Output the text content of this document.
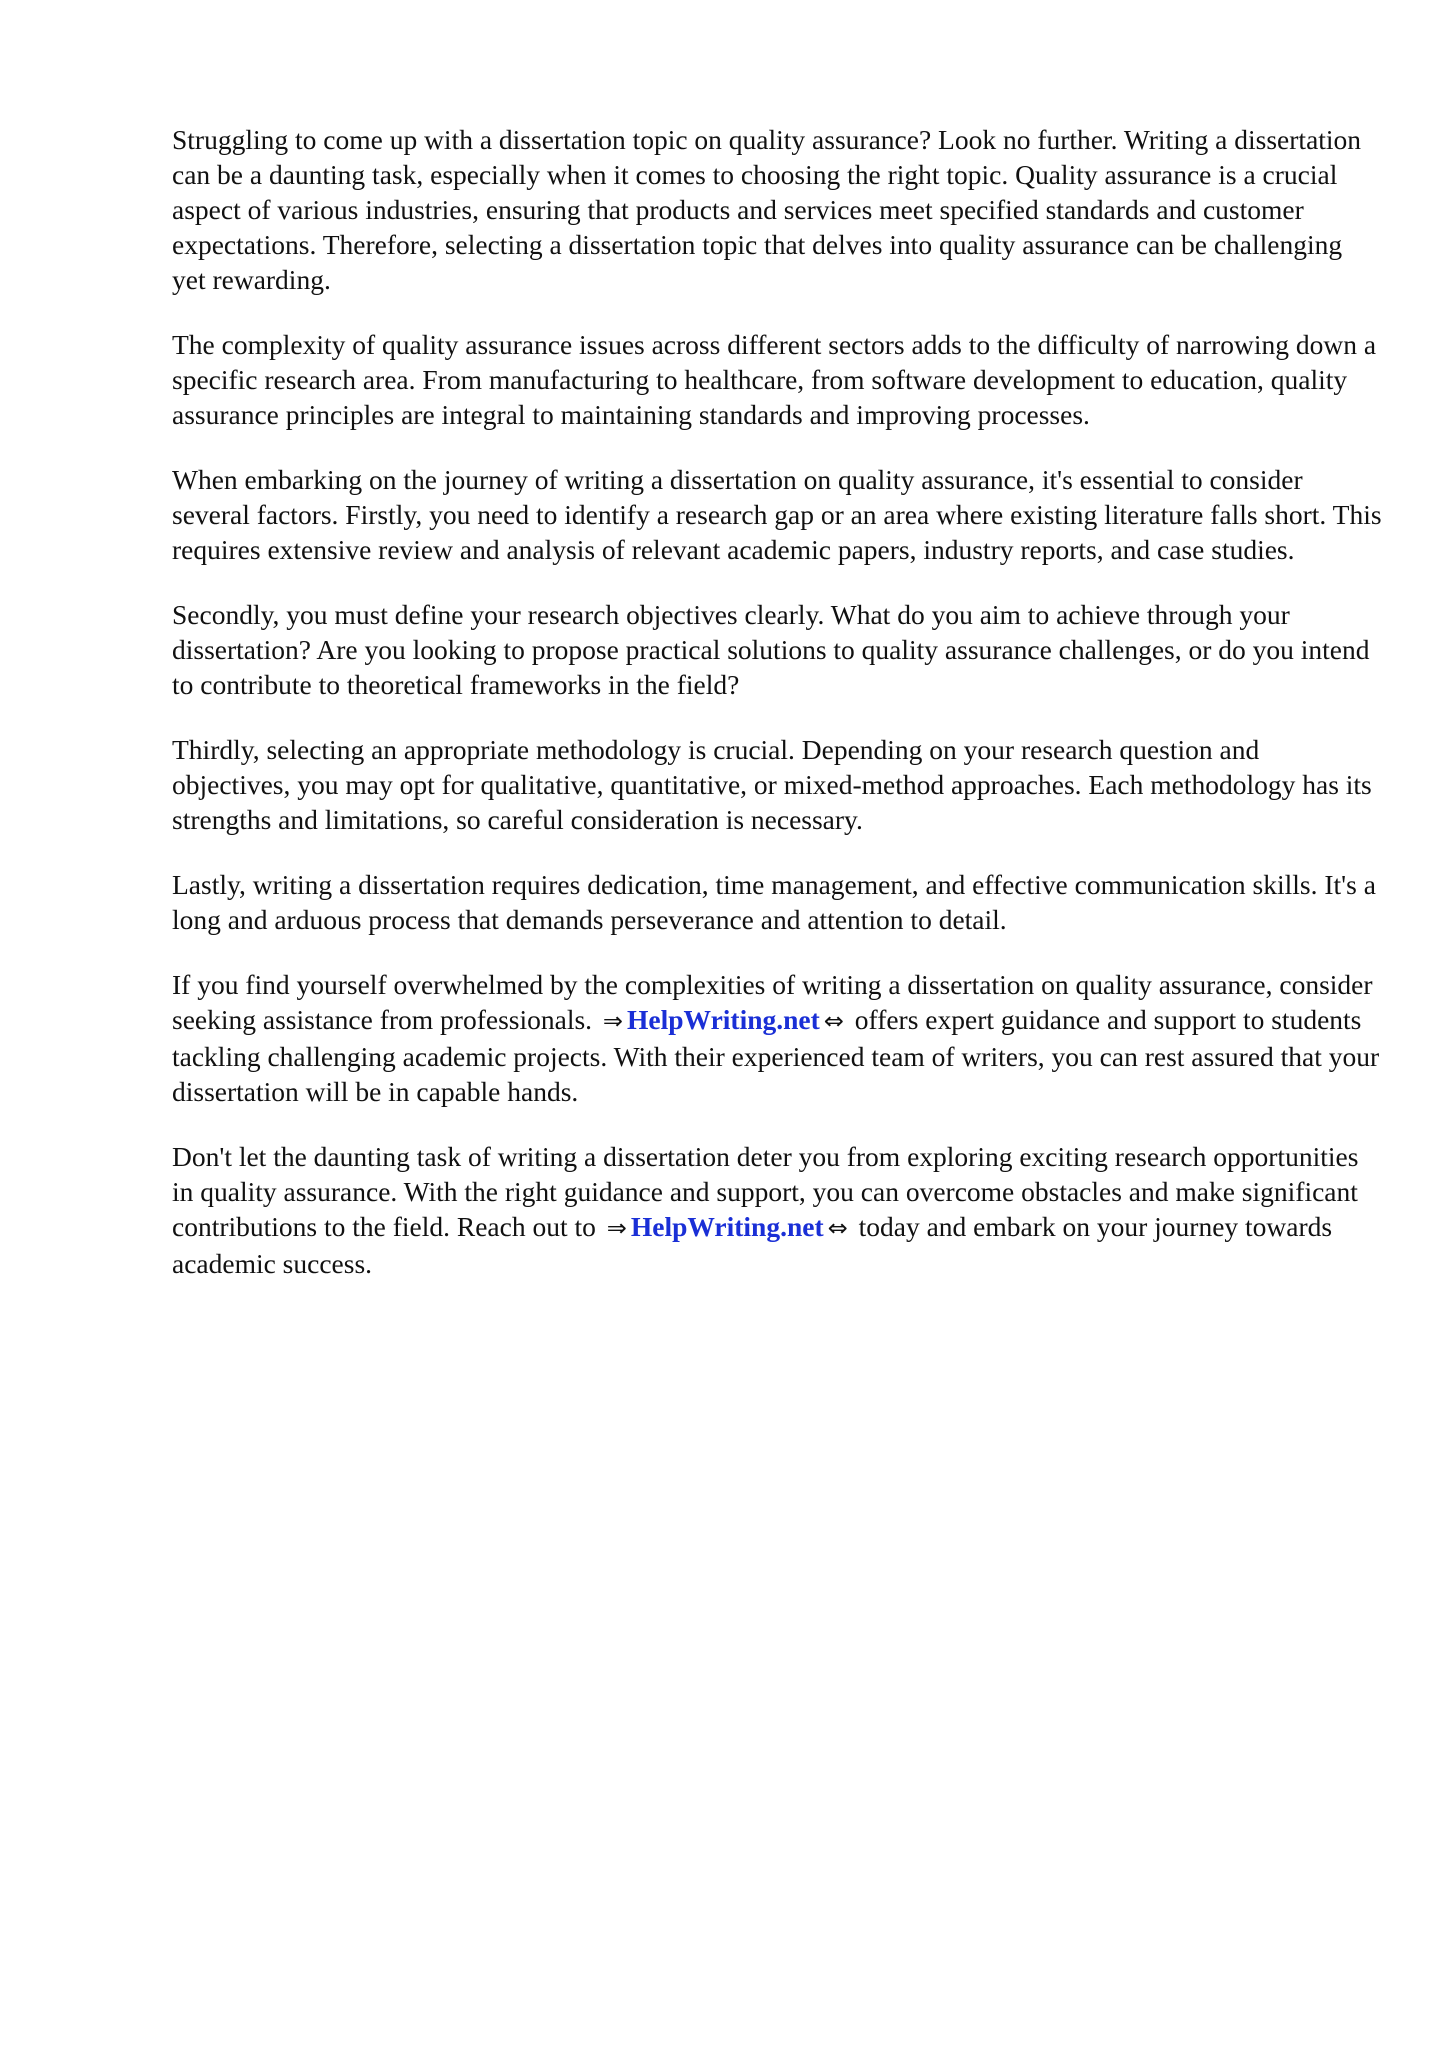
Struggling to come up with a dissertation topic on quality assurance? Look no further. Writing a dissertation can be a daunting task, especially when it comes to choosing the right topic. Quality assurance is a crucial aspect of various industries, ensuring that products and services meet specified standards and customer expectations. Therefore, selecting a dissertation topic that delves into quality assurance can be challenging yet rewarding.

The complexity of quality assurance issues across different sectors adds to the difficulty of narrowing down a specific research area. From manufacturing to healthcare, from software development to education, quality assurance principles are integral to maintaining standards and improving processes.

When embarking on the journey of writing a dissertation on quality assurance, it's essential to consider several factors. Firstly, you need to identify a research gap or an area where existing literature falls short. This requires extensive review and analysis of relevant academic papers, industry reports, and case studies.

Secondly, you must define your research objectives clearly. What do you aim to achieve through your dissertation? Are you looking to propose practical solutions to quality assurance challenges, or do you intend to contribute to theoretical frameworks in the field?

Thirdly, selecting an appropriate methodology is crucial. Depending on your research question and objectives, you may opt for qualitative, quantitative, or mixed-method approaches. Each methodology has its strengths and limitations, so careful consideration is necessary.

Lastly, writing a dissertation requires dedication, time management, and effective communication skills. It's a long and arduous process that demands perseverance and attention to detail.

If you find yourself overwhelmed by the complexities of writing a dissertation on quality assurance, consider seeking assistance from professionals. ⇒ HelpWriting.net ⇔ offers expert guidance and support to students tackling challenging academic projects. With their experienced team of writers, you can rest assured that your dissertation will be in capable hands.

Don't let the daunting task of writing a dissertation deter you from exploring exciting research opportunities in quality assurance. With the right guidance and support, you can overcome obstacles and make significant contributions to the field. Reach out to ⇒ HelpWriting.net ⇔ today and embark on your journey towards academic success.
